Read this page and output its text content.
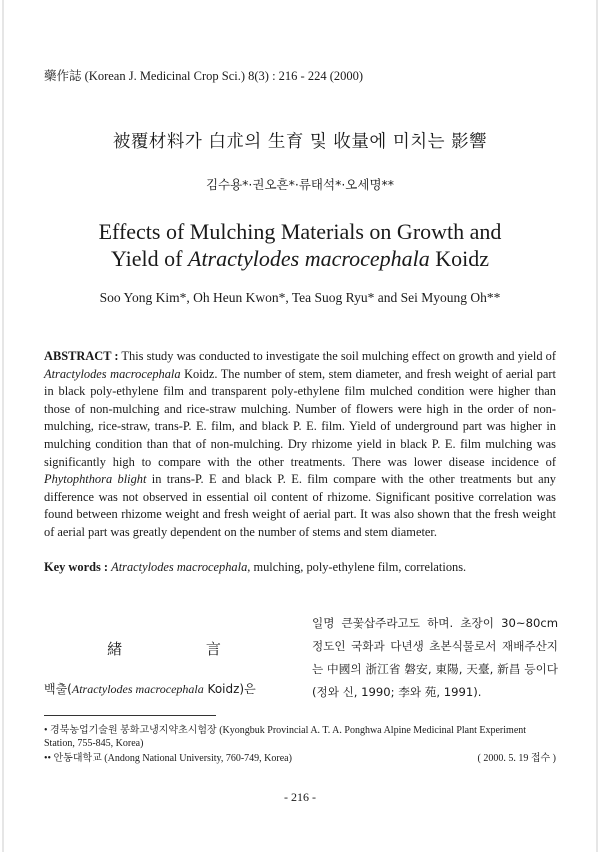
藥作誌 (Korean J. Medicinal Crop Sci.) 8(3) : 216 - 224 (2000)
被覆材料가 白朮의 生育 및 收量에 미치는 影響
김수용*·권오흔*·류태석*·오세명**
Effects of Mulching Materials on Growth and
Yield of Atractylodes macrocephala Koidz
Soo Yong Kim*, Oh Heun Kwon*, Tea Suog Ryu* and Sei Myoung Oh**
ABSTRACT : This study was conducted to investigate the soil mulching effect on growth and yield of Atractylodes macrocephala Koidz. The number of stem, stem diameter, and fresh weight of aerial part in black poly-ethylene film and transparent poly-ethylene film mulched condition were higher than those of non-mulching and rice-straw mulching. Number of flowers were high in the order of non-mulching, rice-straw, trans-P. E. film, and black P. E. film. Yield of underground part was higher in mulching condition than that of non-mulching. Dry rhizome yield in black P. E. film mulching was significantly high to compare with the other treatments. There was lower disease incidence of Phytophthora blight in trans-P. E and black P. E. film compare with the other treatments but any difference was not observed in essential oil content of rhizome. Significant positive correlation was found between rhizome weight and fresh weight of aerial part. It was also shown that the fresh weight of aerial part was greatly dependent on the number of stems and stem diameter.
Key words : Atractylodes macrocephala, mulching, poly-ethylene film, correlations.
緖 言
백출(Atractylodes macrocephala Koidz)은
일명 큰꽃삽주라고도 하며. 초장이 30~80cm 정도인 국화과 다년생 초본식물로서 재배주산지는 中國의 浙江省 磐安, 東陽, 天臺, 新昌 등이다(정와 신, 1990; 李와 苑, 1991).
• 경북농업기술원 봉화고냉지약초시험장 (Kyongbuk Provincial A. T. A. Ponghwa Alpine Medicinal Plant Experiment Station, 755-845, Korea)
•• 안동대학교 (Andong National University, 760-749, Korea)	( 2000. 5. 19 접수 )
- 216 -
